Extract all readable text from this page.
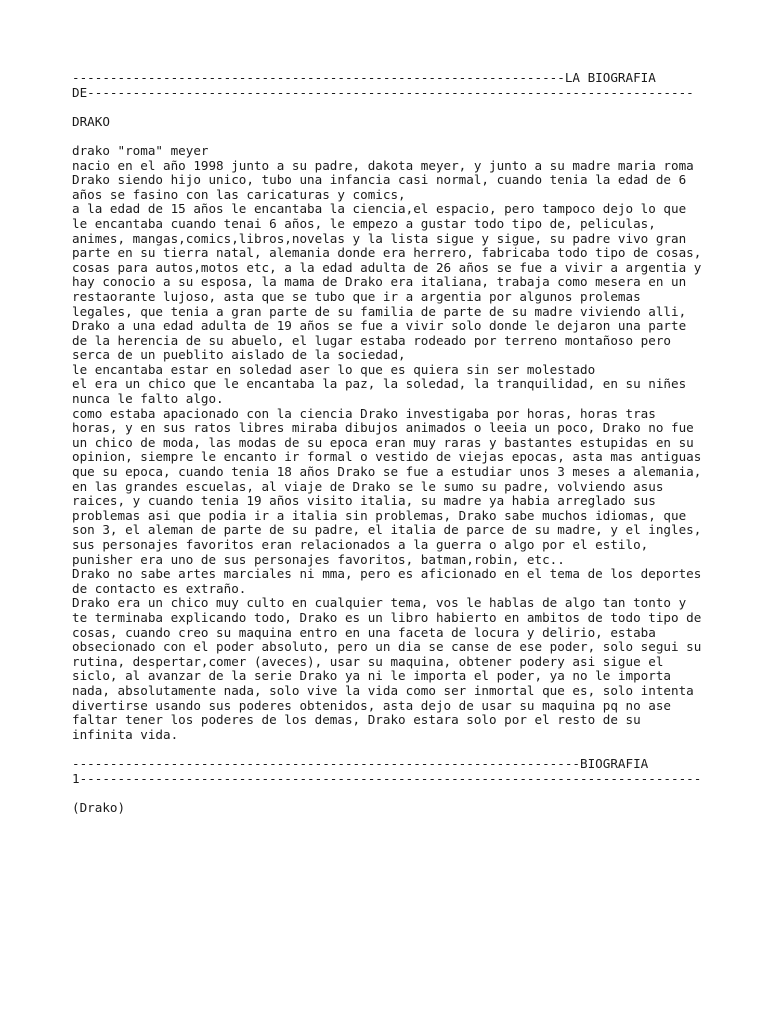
-----------------------------------------------------------------LA BIOGRAFIA
DE--------------------------------------------------------------------------------
DRAKO
drako "roma" meyer
nacio en el año 1998 junto a su padre, dakota meyer, y junto a su madre maria roma
Drako siendo hijo unico, tubo una infancia casi normal, cuando tenia la edad de 6
años se fasino con las caricaturas y comics,
a la edad de 15 años le encantaba la ciencia,el espacio, pero tampoco dejo lo que
le encantaba cuando tenai 6 años, le empezo a gustar todo tipo de, peliculas,
animes, mangas,comics,libros,novelas y la lista sigue y sigue, su padre vivo gran
parte en su tierra natal, alemania donde era herrero, fabricaba todo tipo de cosas,
cosas para autos,motos etc, a la edad adulta de 26 años se fue a vivir a argentia y
hay conocio a su esposa, la mama de Drako era italiana, trabaja como mesera en un
restaorante lujoso, asta que se tubo que ir a argentia por algunos prolemas
legales, que tenia a gran parte de su familia de parte de su madre viviendo alli,
Drako a una edad adulta de 19 años se fue a vivir solo donde le dejaron una parte
de la herencia de su abuelo, el lugar estaba rodeado por terreno montañoso pero
serca de un pueblito aislado de la sociedad,
le encantaba estar en soledad aser lo que es quiera sin ser molestado
el era un chico que le encantaba la paz, la soledad, la tranquilidad, en su niñes
nunca le falto algo.
como estaba apacionado con la ciencia Drako investigaba por horas, horas tras
horas, y en sus ratos libres miraba dibujos animados o leeia un poco, Drako no fue
un chico de moda, las modas de su epoca eran muy raras y bastantes estupidas en su
opinion, siempre le encanto ir formal o vestido de viejas epocas, asta mas antiguas
que su epoca, cuando tenia 18 años Drako se fue a estudiar unos 3 meses a alemania,
en las grandes escuelas, al viaje de Drako se le sumo su padre, volviendo asus
raices, y cuando tenia 19 años visito italia, su madre ya habia arreglado sus
problemas asi que podia ir a italia sin problemas, Drako sabe muchos idiomas, que
son 3, el aleman de parte de su padre, el italia de parce de su madre, y el ingles,
sus personajes favoritos eran relacionados a la guerra o algo por el estilo,
punisher era uno de sus personajes favoritos, batman,robin, etc..
Drako no sabe artes marciales ni mma, pero es aficionado en el tema de los deportes
de contacto es extraño.
Drako era un chico muy culto en cualquier tema, vos le hablas de algo tan tonto y
te terminaba explicando todo, Drako es un libro habierto en ambitos de todo tipo de
cosas, cuando creo su maquina entro en una faceta de locura y delirio, estaba
obsecionado con el poder absoluto, pero un dia se canse de ese poder, solo segui su
rutina, despertar,comer (aveces), usar su maquina, obtener podery asi sigue el
siclo, al avanzar de la serie Drako ya ni le importa el poder, ya no le importa
nada, absolutamente nada, solo vive la vida como ser inmortal que es, solo intenta
divertirse usando sus poderes obtenidos, asta dejo de usar su maquina pq no ase
faltar tener los poderes de los demas, Drako estara solo por el resto de su
infinita vida.
-------------------------------------------------------------------BIOGRAFIA
1----------------------------------------------------------------------------------
(Drako)
